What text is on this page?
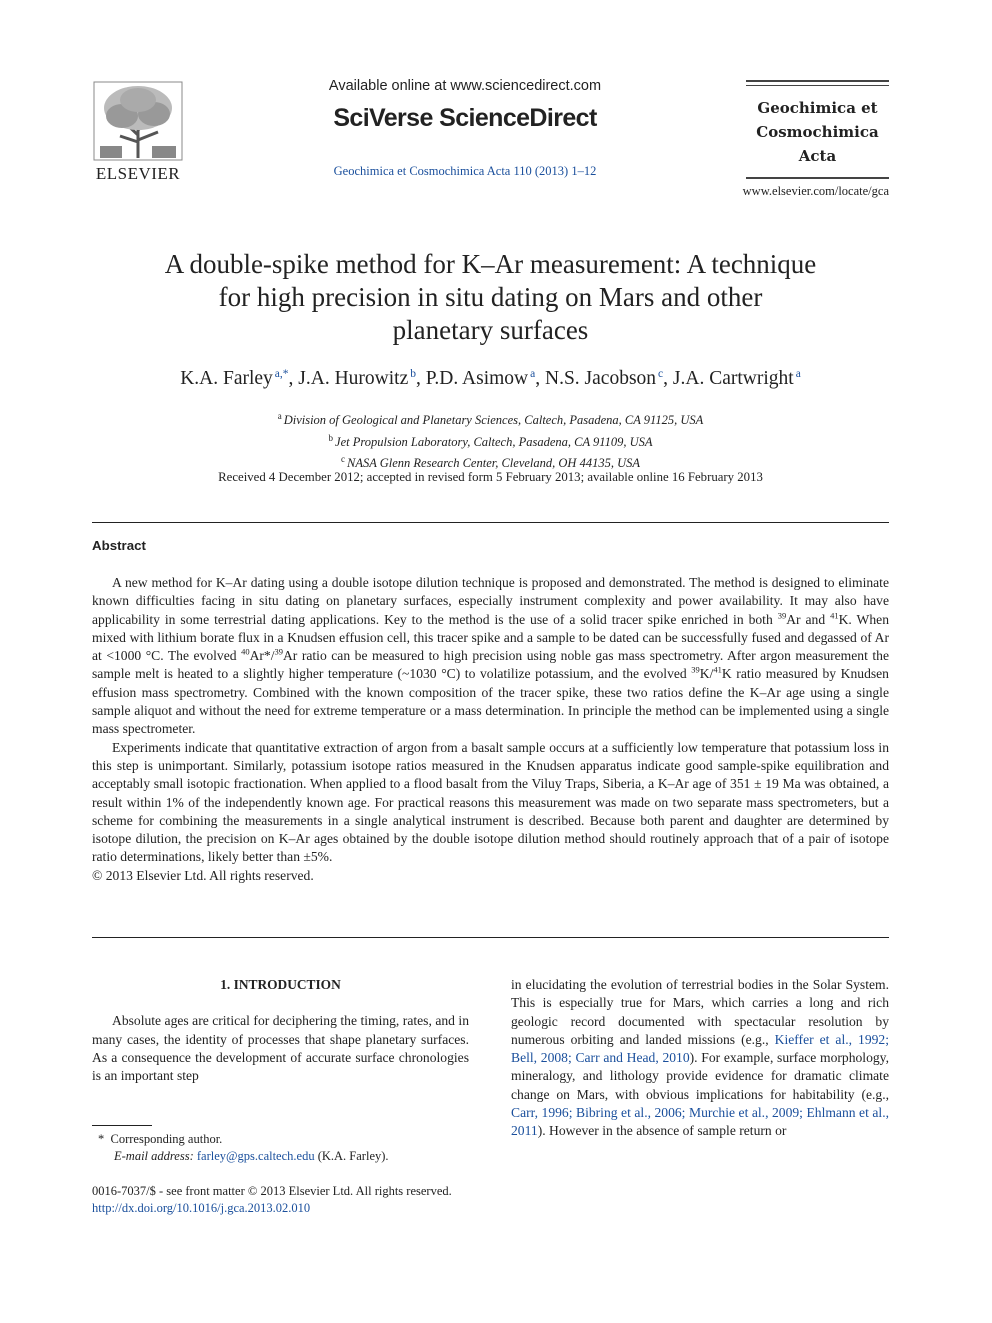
ELSEVIER
Available online at www.sciencedirect.com
SciVerse ScienceDirect
Geochimica et Cosmochimica Acta 110 (2013) 1–12
Geochimica et
Cosmochimica
Acta
www.elsevier.com/locate/gca
A double-spike method for K–Ar measurement: A technique
for high precision in situ dating on Mars and other
planetary surfaces
K.A. Farley $^{a,*}$, J.A. Hurowitz $^b$, P.D. Asimow $^a$, N.S. Jacobson $^c$, J.A. Cartwright $^a$
$^a$ Division of Geological and Planetary Sciences, Caltech, Pasadena, CA 91125, USA
$^b$ Jet Propulsion Laboratory, Caltech, Pasadena, CA 91109, USA
$^c$ NASA Glenn Research Center, Cleveland, OH 44135, USA
Received 4 December 2012; accepted in revised form 5 February 2013; available online 16 February 2013
Abstract

A new method for K–Ar dating using a double isotope dilution technique is proposed and demonstrated. The method is designed to eliminate known difficulties facing in situ dating on planetary surfaces, especially instrument complexity and power availability. It may also have applicability in some terrestrial dating applications. Key to the method is the use of a solid tracer spike enriched in both $^{39}$Ar and $^{41}$K. When mixed with lithium borate flux in a Knudsen effusion cell, this tracer spike and a sample to be dated can be successfully fused and degassed of Ar at <1000 °C. The evolved $^{40}$Ar*/$^{39}$Ar ratio can be measured to high precision using noble gas mass spectrometry. After argon measurement the sample melt is heated to a slightly higher temperature (~1030 °C) to volatilize potassium, and the evolved $^{39}$K/$^{41}$K ratio measured by Knudsen effusion mass spectrometry. Combined with the known composition of the tracer spike, these two ratios define the K–Ar age using a single sample aliquot and without the need for extreme temperature or a mass determination. In principle the method can be implemented using a single mass spectrometer.

Experiments indicate that quantitative extraction of argon from a basalt sample occurs at a sufficiently low temperature that potassium loss in this step is unimportant. Similarly, potassium isotope ratios measured in the Knudsen apparatus indicate good sample-spike equilibration and acceptably small isotopic fractionation. When applied to a flood basalt from the Viluy Traps, Siberia, a K–Ar age of 351 ± 19 Ma was obtained, a result within 1% of the independently known age. For practical reasons this measurement was made on two separate mass spectrometers, but a scheme for combining the measurements in a single analytical instrument is described. Because both parent and daughter are determined by isotope dilution, the precision on K–Ar ages obtained by the double isotope dilution method should routinely approach that of a pair of isotope ratio determinations, likely better than ±5%.

© 2013 Elsevier Ltd. All rights reserved.

1. INTRODUCTION

Absolute ages are critical for deciphering the timing, rates, and in many cases, the identity of processes that shape planetary surfaces. As a consequence the development of accurate surface chronologies is an important step

in elucidating the evolution of terrestrial bodies in the Solar System. This is especially true for Mars, which carries a long and rich geologic record documented with spectacular resolution by numerous orbiting and landed missions (e.g., Kieffer et al., 1992; Bell, 2008; Carr and Head, 2010). For example, surface morphology, mineralogy, and lithology provide evidence for dramatic climate change on Mars, with obvious implications for habitability (e.g., Carr, 1996; Bibring et al., 2006; Murchie et al., 2009; Ehlmann et al., 2011). However in the absence of sample return or

* Corresponding author.
E-mail address: farley@gps.caltech.edu (K.A. Farley).
0016-7037/$ - see front matter © 2013 Elsevier Ltd. All rights reserved.
http://dx.doi.org/10.1016/j.gca.2013.02.010
